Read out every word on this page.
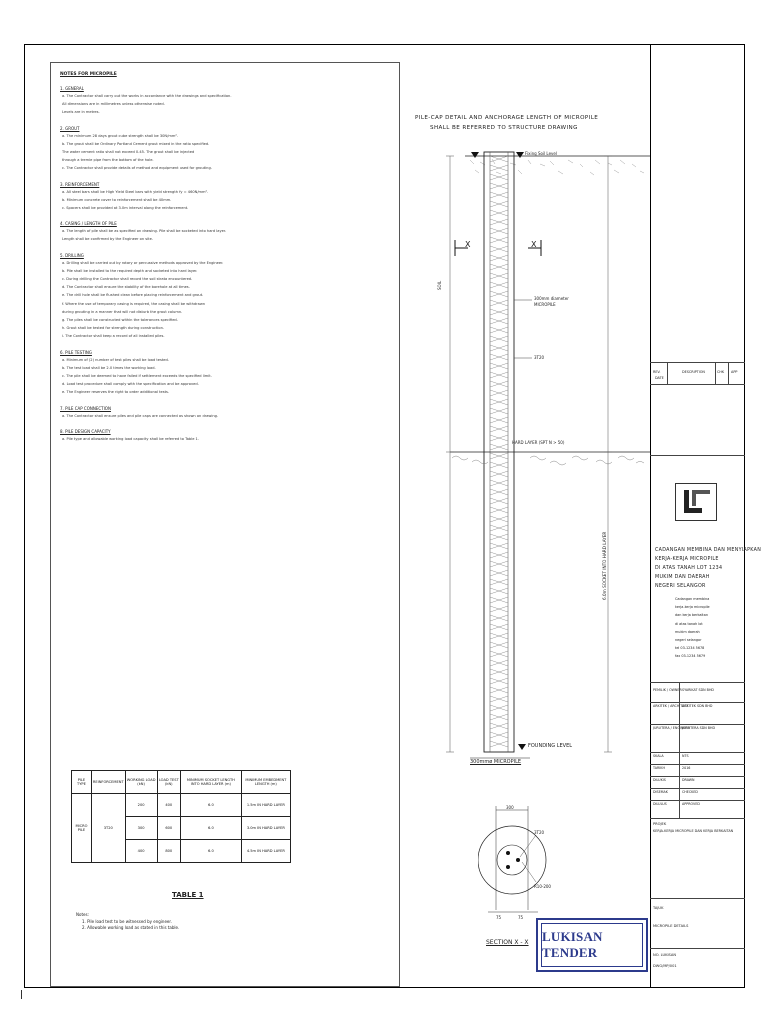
NOTES FOR MICROPILE
1. GENERAL
a. The Contractor shall carry out the works in accordance with the drawings and specification.
All dimensions are in millimetres unless otherwise noted.
Levels are in metres.
2. GROUT
a. The minimum 28 days grout cube strength shall be 30N/mm².
b. The grout shall be Ordinary Portland Cement grout mixed in the ratio specified.
The water cement ratio shall not exceed 0.45. The grout shall be injected
through a tremie pipe from the bottom of the hole.
c. The Contractor shall provide details of method and equipment used for grouting.
3. REINFORCEMENT
a. All steel bars shall be High Yield Steel bars with yield strength fy = 460N/mm².
b. Minimum concrete cover to reinforcement shall be 40mm.
c. Spacers shall be provided at 3.0m interval along the reinforcement.
4. CASING / LENGTH OF PILE
a. The length of pile shall be as specified on drawing. Pile shall be socketed into hard layer.
Length shall be confirmed by the Engineer on site.
5. DRILLING
a. Drilling shall be carried out by rotary or percussive methods approved by the Engineer.
b. Pile shall be installed to the required depth and socketed into hard layer.
c. During drilling the Contractor shall record the soil strata encountered.
d. The Contractor shall ensure the stability of the borehole at all times.
e. The drill hole shall be flushed clean before placing reinforcement and grout.
f. Where the use of temporary casing is required, the casing shall be withdrawn
during grouting in a manner that will not disturb the grout column.
g. The piles shall be constructed within the tolerances specified.
h. Grout shall be tested for strength during construction.
i. The Contractor shall keep a record of all installed piles.
6. PILE TESTING
a. Minimum of (2) number of test piles shall be load tested.
b. The test load shall be 2.0 times the working load.
c. The pile shall be deemed to have failed if settlement exceeds the specified limit.
d. Load test procedure shall comply with the specification and be approved.
e. The Engineer reserves the right to order additional tests.
7. PILE CAP CONNECTION
a. The Contractor shall ensure piles and pile caps are connected as shown on drawing.
8. PILE DESIGN CAPACITY
a. Pile type and allowable working load capacity shall be referred to Table 1.
PILE TYPE	REINFORCEMENT	WORKING LOAD (kN)	LOAD TEST (kN)	MINIMUM SOCKET LENGTH INTO HARD LAYER (m)	MINIMUM EMBEDMENT LENGTH (m)
MICRO PILE	3T20	200	400	6.0	1.5m IN HARD LAYER
		300	600	6.0	3.0m IN HARD LAYER
		400	800	6.0	4.5m IN HARD LAYER
TABLE 1
Notes:
1. Pile load test to be witnessed by engineer.
2. Allowable working load as stated in this table.
PILE-CAP DETAIL AND ANCHORAGE LENGTH OF MICROPILE
SHALL BE REFERRED TO STRUCTURE DRAWING
Fixing Soil Level
X	X
300mm diameter
MICROPILE
3T20
HARD LAYER (SPT N > 50)
FOUNDING LEVEL
300mmø MICROPILE
SOIL
6.0m SOCKET INTO HARD LAYER
300
3T20
R10-200
75	75
SECTION X - X LUKISAN TENDER
REV.
DATE
DESCRIPTION	CHK APP
CADANGAN MEMBINA DAN MENYIAPKAN
KERJA-KERJA MICROPILE
DI ATAS TANAH LOT 1234
MUKIM DAN DAERAH
NEGERI SELANGOR
Cadangan membina
kerja-kerja micropile
dan kerja berkaitan
di atas tanah lot
mukim daerah
negeri selangor
tel 03-1234 5678
fax 03-1234 5679
PEMILIK / OWNER SYARIKAT SDN BHD
ARKITEK / ARCHITECT
ARKITEK SDN BHD
JURUTERA / ENGINEER
JURUTERA SDN BHD
SKALA	NTS
TARIKH	2016
DILUKIS	DRAWN
DISEMAK	CHECKED
DILULUS	APPROVED
PROJEK
KERJA-KERJA MICROPILE DAN KERJA BERKAITAN
TAJUK
MICROPILE DETAILS
NO. LUKISAN
DWG/MP/001
